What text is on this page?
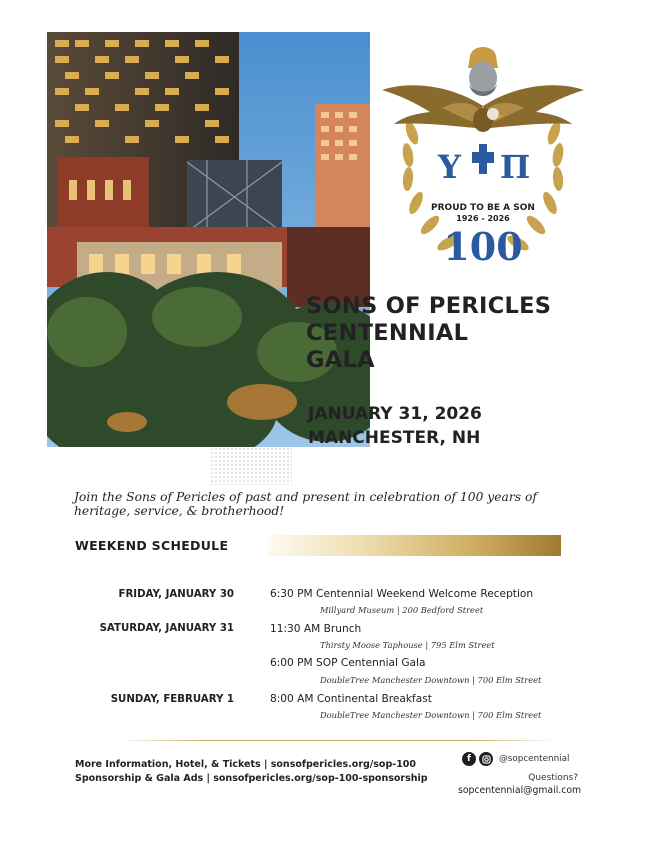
Υ Π
PROUD TO BE A SON
1926 - 2026
100
SONS OF PERICLES
CENTENNIAL
GALA
JANUARY 31, 2026
MANCHESTER, NH

Join the Sons of Pericles of past and present in celebration of 100 years of heritage, service, & brotherhood!

WEEKEND SCHEDULE
FRIDAY, JANUARY 30	6:30 PM Centennial Weekend Welcome Reception
Millyard Museum | 200 Bedford Street
SATURDAY, JANUARY 31	11:30 AM Brunch
Thirsty Moose Taphouse | 795 Elm Street
6:00 PM SOP Centennial Gala
DoubleTree Manchester Downtown | 700 Elm Street
SUNDAY, FEBRUARY 1	8:00 AM Continental Breakfast
DoubleTree Manchester Downtown | 700 Elm Street
More Information, Hotel, & Tickets | sonsofpericles.org/sop-100
Sponsorship & Gala Ads | sonsofpericles.org/sop-100-sponsorship
f	@sopcentennial
Questions?
sopcentennial@gmail.com
